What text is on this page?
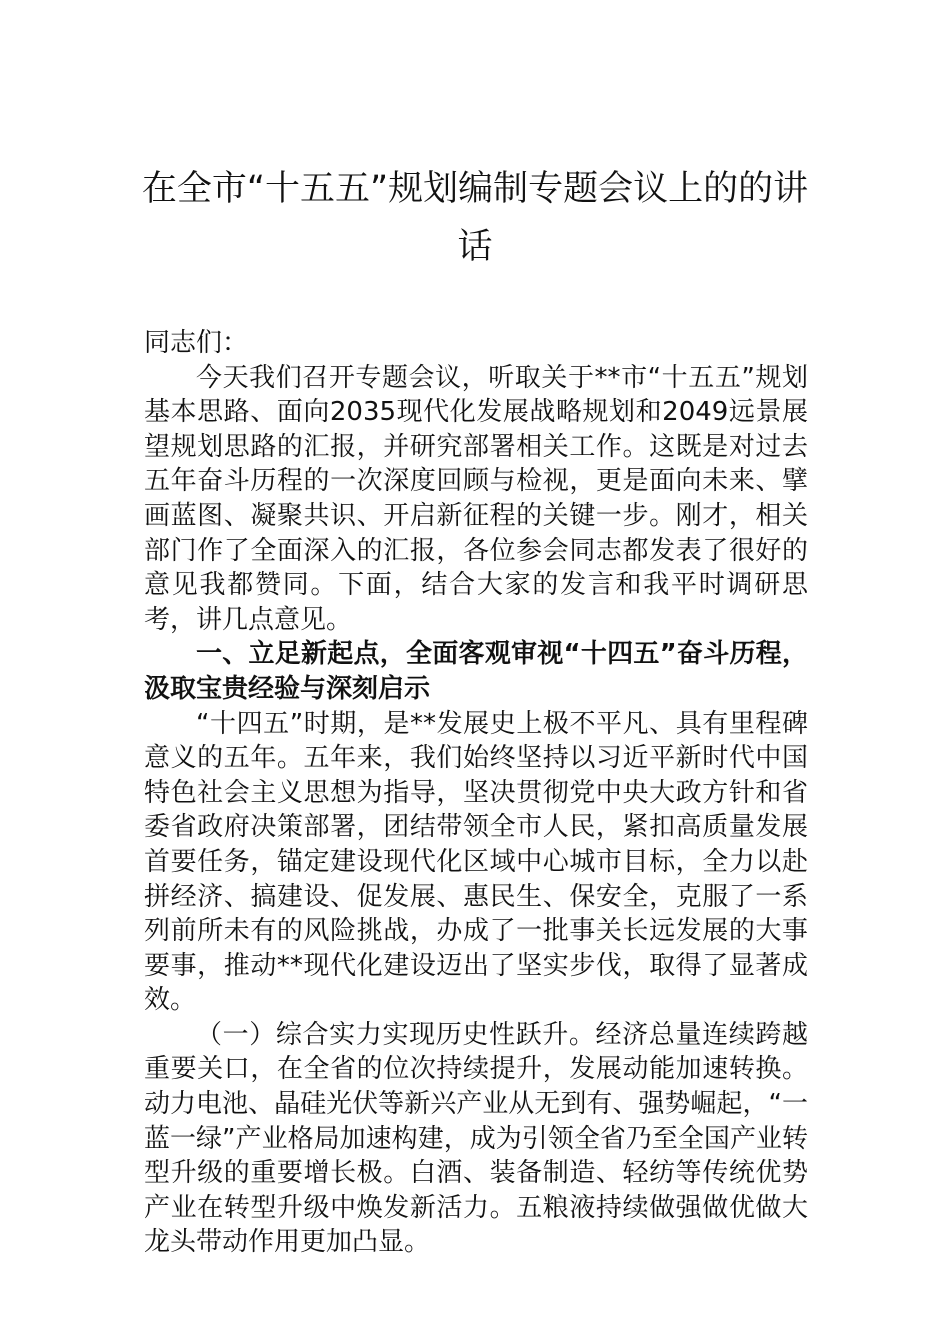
在全市“十五五”规划编制专题会议上的的讲话

同志们：

今天我们召开专题会议，听取关于**市“十五五”规划基本思路、面向2035现代化发展战略规划和2049远景展望规划思路的汇报，并研究部署相关工作。这既是对过去五年奋斗历程的一次深度回顾与检视，更是面向未来、擘画蓝图、凝聚共识、开启新征程的关键一步。刚才，相关部门作了全面深入的汇报，各位参会同志都发表了很好的意见我都赞同。下面，结合大家的发言和我平时调研思考，讲几点意见。

一、立足新起点，全面客观审视“十四五”奋斗历程，汲取宝贵经验与深刻启示

“十四五”时期，是**发展史上极不平凡、具有里程碑意义的五年。五年来，我们始终坚持以习近平新时代中国特色社会主义思想为指导，坚决贯彻党中央大政方针和省委省政府决策部署，团结带领全市人民，紧扣高质量发展首要任务，锚定建设现代化区域中心城市目标，全力以赴拼经济、搞建设、促发展、惠民生、保安全，克服了一系列前所未有的风险挑战，办成了一批事关长远发展的大事要事，推动**现代化建设迈出了坚实步伐，取得了显著成效。

（一）综合实力实现历史性跃升。经济总量连续跨越重要关口，在全省的位次持续提升，发展动能加速转换。动力电池、晶硅光伏等新兴产业从无到有、强势崛起，“一蓝一绿”产业格局加速构建，成为引领全省乃至全国产业转型升级的重要增长极。白酒、装备制造、轻纺等传统优势产业在转型升级中焕发新活力。五粮液持续做强做优做大龙头带动作用更加凸显。
